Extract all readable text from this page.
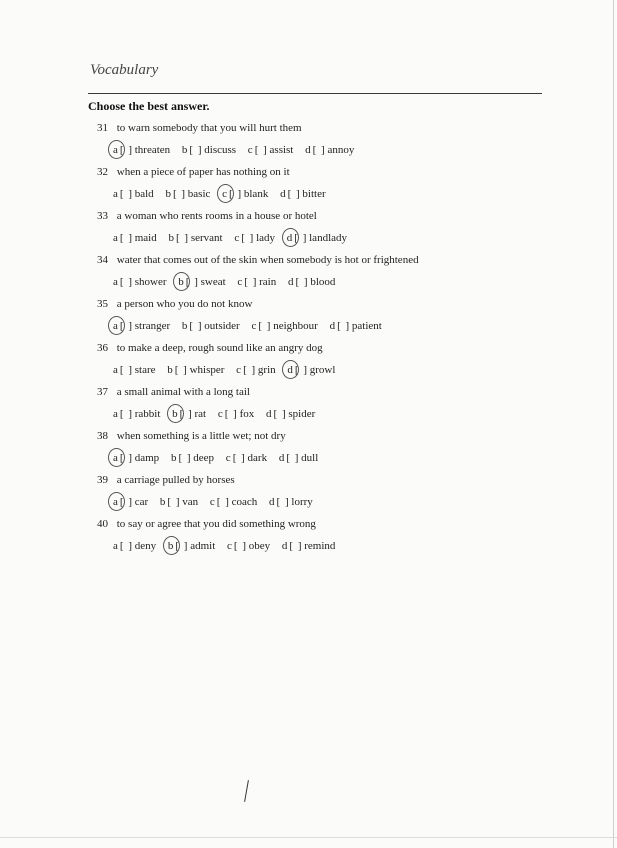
Vocabulary
Choose the best answer.
31 to warn somebody that you will hurt them
a [ ] threaten b [ ] discuss c [ ] assist d [ ] annoy
32 when a piece of paper has nothing on it
a [ ] bald b [ ] basic c [ ] blank d [ ] bitter
33 a woman who rents rooms in a house or hotel
a [ ] maid b [ ] servant c [ ] lady d [ ] landlady
34 water that comes out of the skin when somebody is hot or frightened
a [ ] shower b [ ] sweat c [ ] rain d [ ] blood
35 a person who you do not know
a [ ] stranger b [ ] outsider c [ ] neighbour d [ ] patient
36 to make a deep, rough sound like an angry dog
a [ ] stare b [ ] whisper c [ ] grin d [ ] growl
37 a small animal with a long tail
a [ ] rabbit b [ ] rat c [ ] fox d [ ] spider
38 when something is a little wet; not dry
a [ ] damp b [ ] deep c [ ] dark d [ ] dull
39 a carriage pulled by horses
a [ ] car b [ ] van c [ ] coach d [ ] lorry
40 to say or agree that you did something wrong
a [ ] deny b [ ] admit c [ ] obey d [ ] remind
